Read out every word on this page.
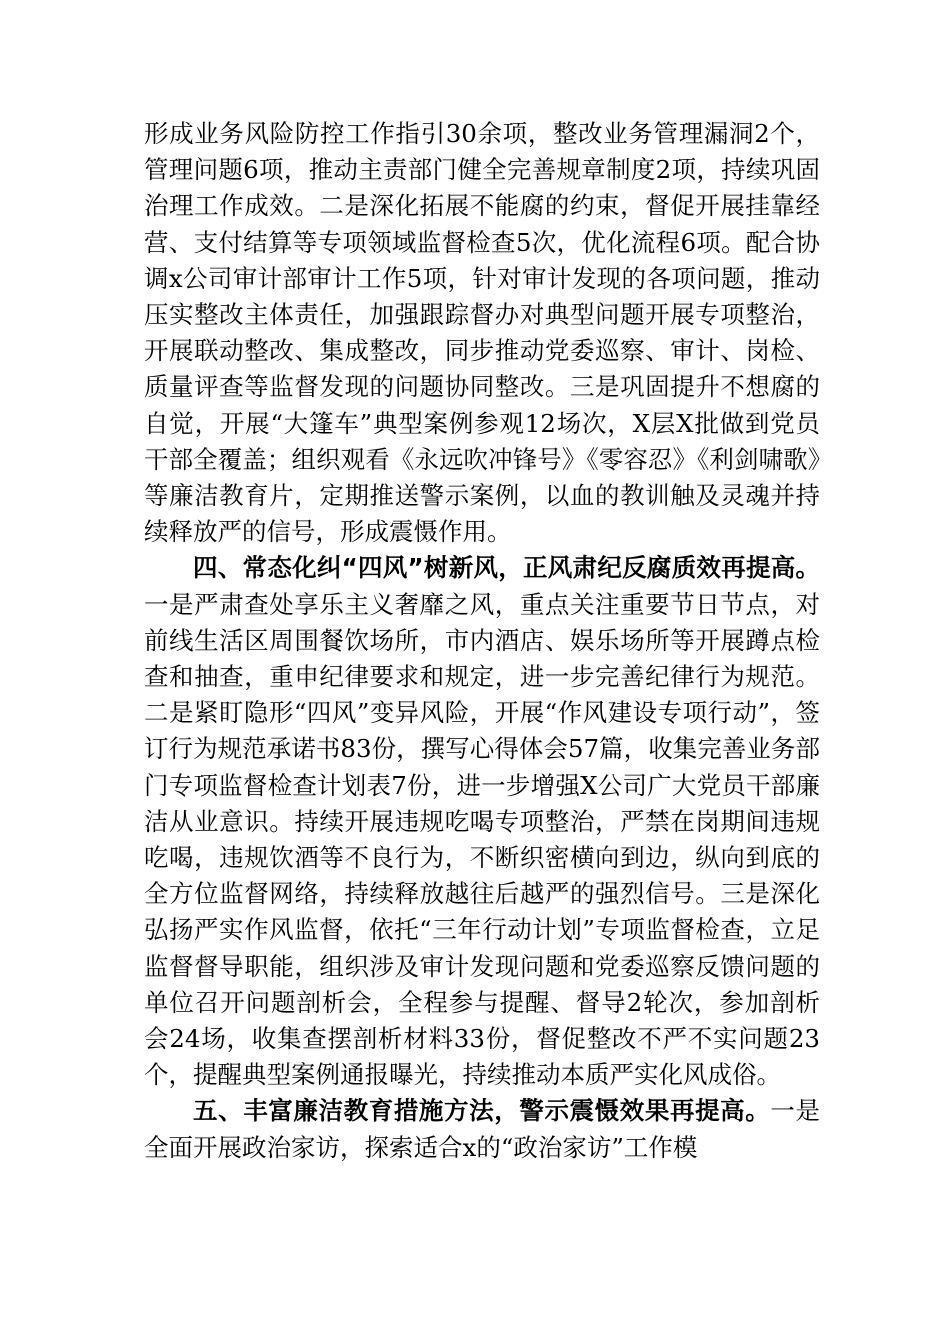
形成业务风险防控工作指引30余项，整改业务管理漏洞2个，管理问题6项，推动主责部门健全完善规章制度2项，持续巩固治理工作成效。二是深化拓展不能腐的约束，督促开展挂靠经营、支付结算等专项领域监督检查5次，优化流程6项。配合协调x公司审计部审计工作5项，针对审计发现的各项问题，推动压实整改主体责任，加强跟踪督办对典型问题开展专项整治，开展联动整改、集成整改，同步推动党委巡察、审计、岗检、质量评查等监督发现的问题协同整改。三是巩固提升不想腐的自觉，开展“大篷车”典型案例参观12场次，X层X批做到党员干部全覆盖；组织观看《永远吹冲锋号》《零容忍》《利剑啸歌》等廉洁教育片，定期推送警示案例，以血的教训触及灵魂并持续释放严的信号，形成震慑作用。

四、常态化纠“四风”树新风，正风肃纪反腐质效再提高。一是严肃查处享乐主义奢靡之风，重点关注重要节日节点，对前线生活区周围餐饮场所，市内酒店、娱乐场所等开展蹲点检查和抽查，重申纪律要求和规定，进一步完善纪律行为规范。二是紧盯隐形“四风”变异风险，开展“作风建设专项行动”，签订行为规范承诺书83份，撰写心得体会57篇，收集完善业务部门专项监督检查计划表7份，进一步增强X公司广大党员干部廉洁从业意识。持续开展违规吃喝专项整治，严禁在岗期间违规吃喝，违规饮酒等不良行为，不断织密横向到边，纵向到底的全方位监督网络，持续释放越往后越严的强烈信号。三是深化弘扬严实作风监督，依托“三年行动计划”专项监督检查，立足监督督导职能，组织涉及审计发现问题和党委巡察反馈问题的单位召开问题剖析会，全程参与提醒、督导2轮次，参加剖析会24场，收集查摆剖析材料33份，督促整改不严不实问题23个，提醒典型案例通报曝光，持续推动本质严实化风成俗。

五、丰富廉洁教育措施方法，警示震慑效果再提高。一是全面开展政治家访，探索适合x的“政治家访”工作模
